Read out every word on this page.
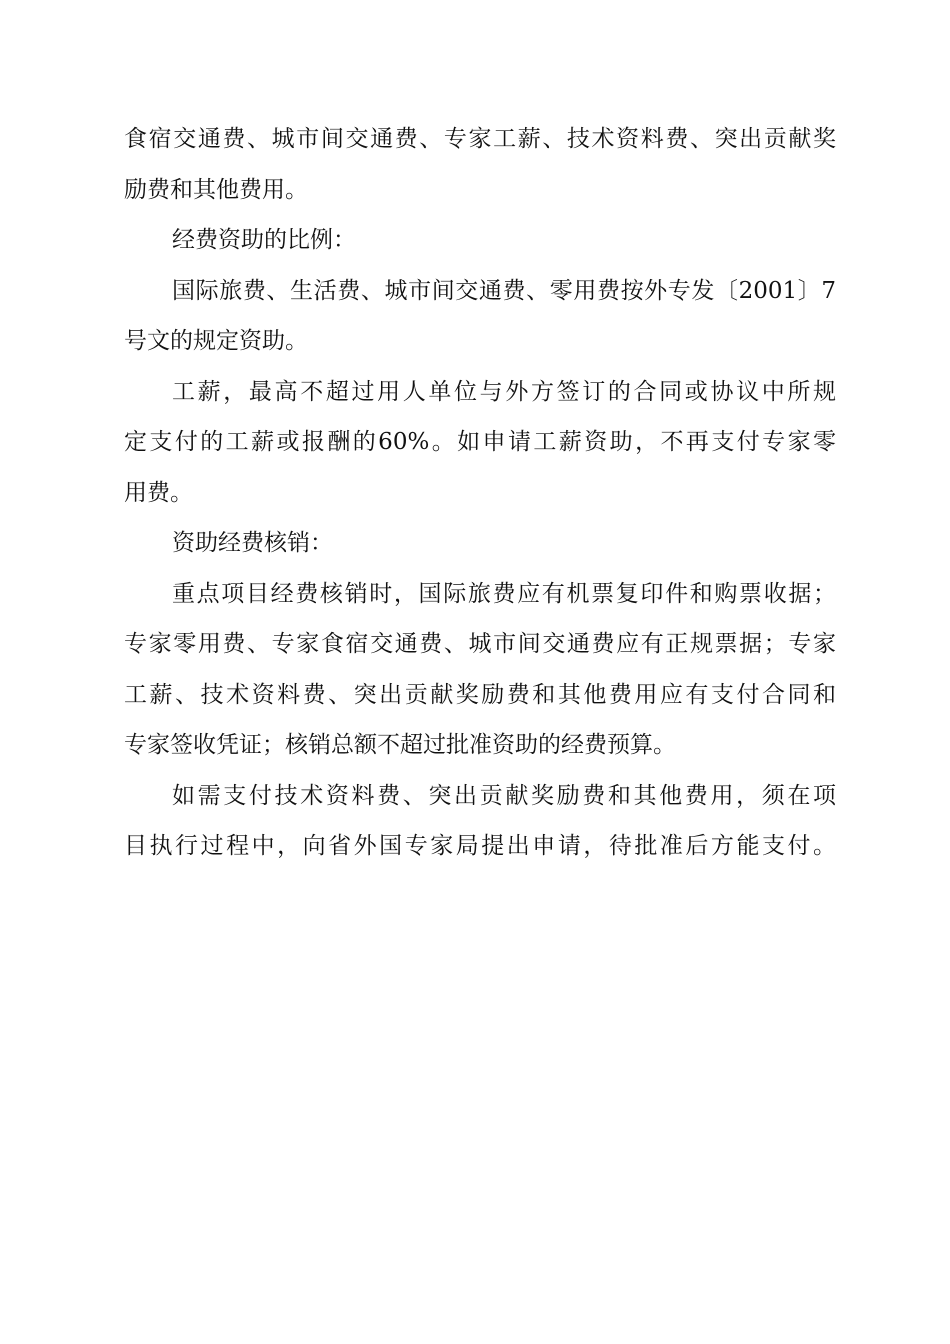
食宿交通费、城市间交通费、专家工薪、技术资料费、突出贡献奖
励费和其他费用。
经费资助的比例：
国际旅费、生活费、城市间交通费、零用费按外专发〔2001〕7
号文的规定资助。
工薪，最高不超过用人单位与外方签订的合同或协议中所规
定支付的工薪或报酬的60%。如申请工薪资助，不再支付专家零
用费。
资助经费核销：
重点项目经费核销时，国际旅费应有机票复印件和购票收据；
专家零用费、专家食宿交通费、城市间交通费应有正规票据；专家
工薪、技术资料费、突出贡献奖励费和其他费用应有支付合同和
专家签收凭证；核销总额不超过批准资助的经费预算。
如需支付技术资料费、突出贡献奖励费和其他费用，须在项
目执行过程中，向省外国专家局提出申请，待批准后方能支付。
